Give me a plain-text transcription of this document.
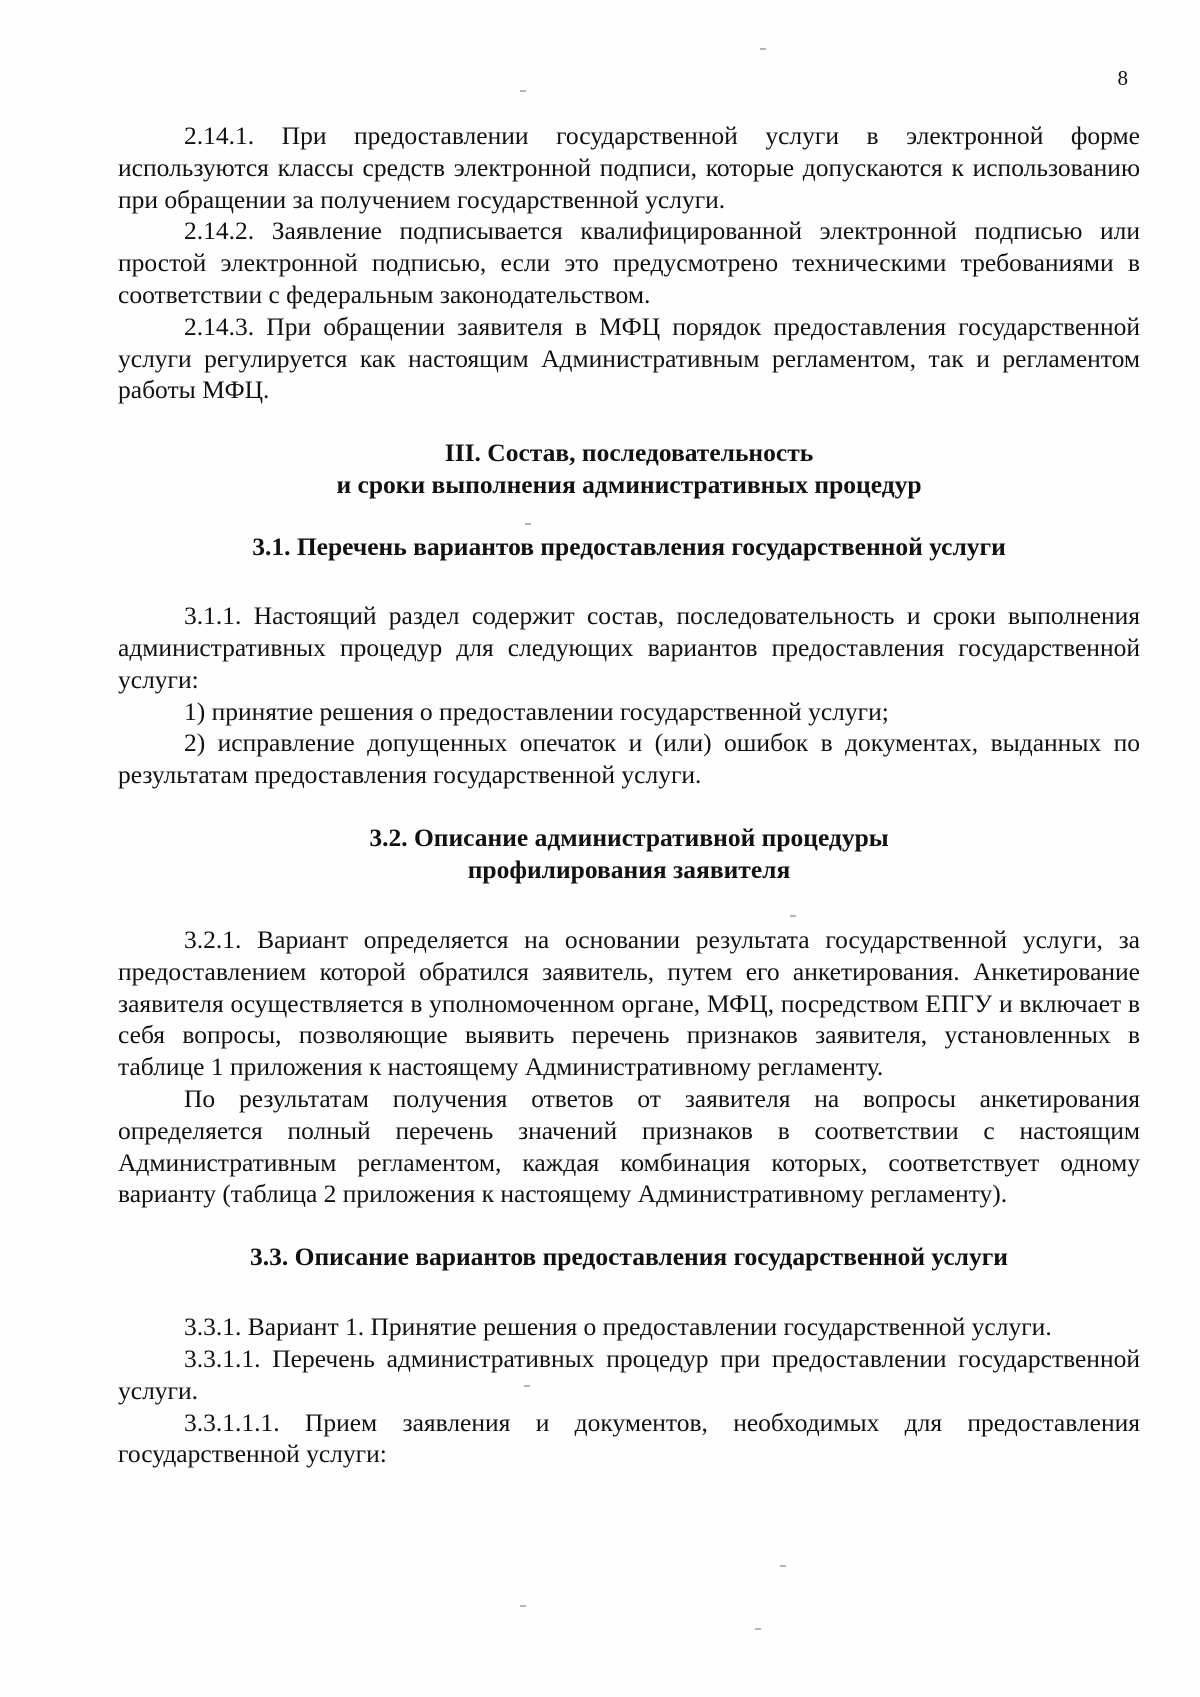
8

2.14.1. При предоставлении государственной услуги в электронной форме используются классы средств электронной подписи, которые допускаются к использованию при обращении за получением государственной услуги.

2.14.2. Заявление подписывается квалифицированной электронной подписью или простой электронной подписью, если это предусмотрено техническими требованиями в соответствии с федеральным законодательством.

2.14.3. При обращении заявителя в МФЦ порядок предоставления государственной услуги регулируется как настоящим Административным регламентом, так и регламентом работы МФЦ.

III. Состав, последовательность

и сроки выполнения административных процедур

3.1. Перечень вариантов предоставления государственной услуги

3.1.1. Настоящий раздел содержит состав, последовательность и сроки выполнения административных процедур для следующих вариантов предоставления государственной услуги:

1) принятие решения о предоставлении государственной услуги;

2) исправление допущенных опечаток и (или) ошибок в документах, выданных по результатам предоставления государственной услуги.

3.2. Описание административной процедуры

профилирования заявителя

3.2.1. Вариант определяется на основании результата государственной услуги, за предоставлением которой обратился заявитель, путем его анкетирования. Анкетирование заявителя осуществляется в уполномоченном органе, МФЦ, посредством ЕПГУ и включает в себя вопросы, позволяющие выявить перечень признаков заявителя, установленных в таблице 1 приложения к настоящему Административному регламенту.

По результатам получения ответов от заявителя на вопросы анкетирования определяется полный перечень значений признаков в соответствии с настоящим Административным регламентом, каждая комбинация которых, соответствует одному варианту (таблица 2 приложения к настоящему Административному регламенту).

3.3. Описание вариантов предоставления государственной услуги

3.3.1. Вариант 1. Принятие решения о предоставлении государственной услуги.

3.3.1.1. Перечень административных процедур при предоставлении государственной услуги.

3.3.1.1.1. Прием заявления и документов, необходимых для предоставления государственной услуги:
